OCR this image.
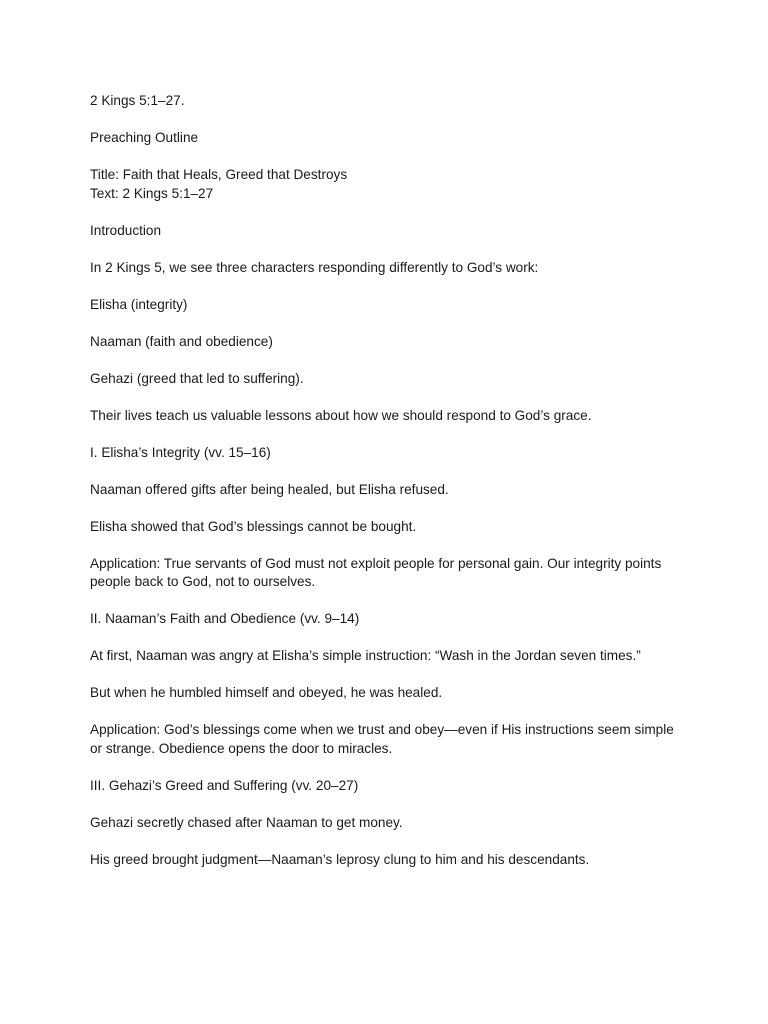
2 Kings 5:1–27.

Preaching Outline

Title: Faith that Heals, Greed that Destroys

Text: 2 Kings 5:1–27

Introduction

In 2 Kings 5, we see three characters responding differently to God’s work:

Elisha (integrity)

Naaman (faith and obedience)

Gehazi (greed that led to suffering).

Their lives teach us valuable lessons about how we should respond to God’s grace.

I. Elisha’s Integrity (vv. 15–16)

Naaman offered gifts after being healed, but Elisha refused.

Elisha showed that God’s blessings cannot be bought.

Application: True servants of God must not exploit people for personal gain. Our integrity points people back to God, not to ourselves.

II. Naaman’s Faith and Obedience (vv. 9–14)

At first, Naaman was angry at Elisha’s simple instruction: “Wash in the Jordan seven times.”

But when he humbled himself and obeyed, he was healed.

Application: God’s blessings come when we trust and obey—even if His instructions seem simple or strange. Obedience opens the door to miracles.

III. Gehazi’s Greed and Suffering (vv. 20–27)

Gehazi secretly chased after Naaman to get money.

His greed brought judgment—Naaman’s leprosy clung to him and his descendants.
